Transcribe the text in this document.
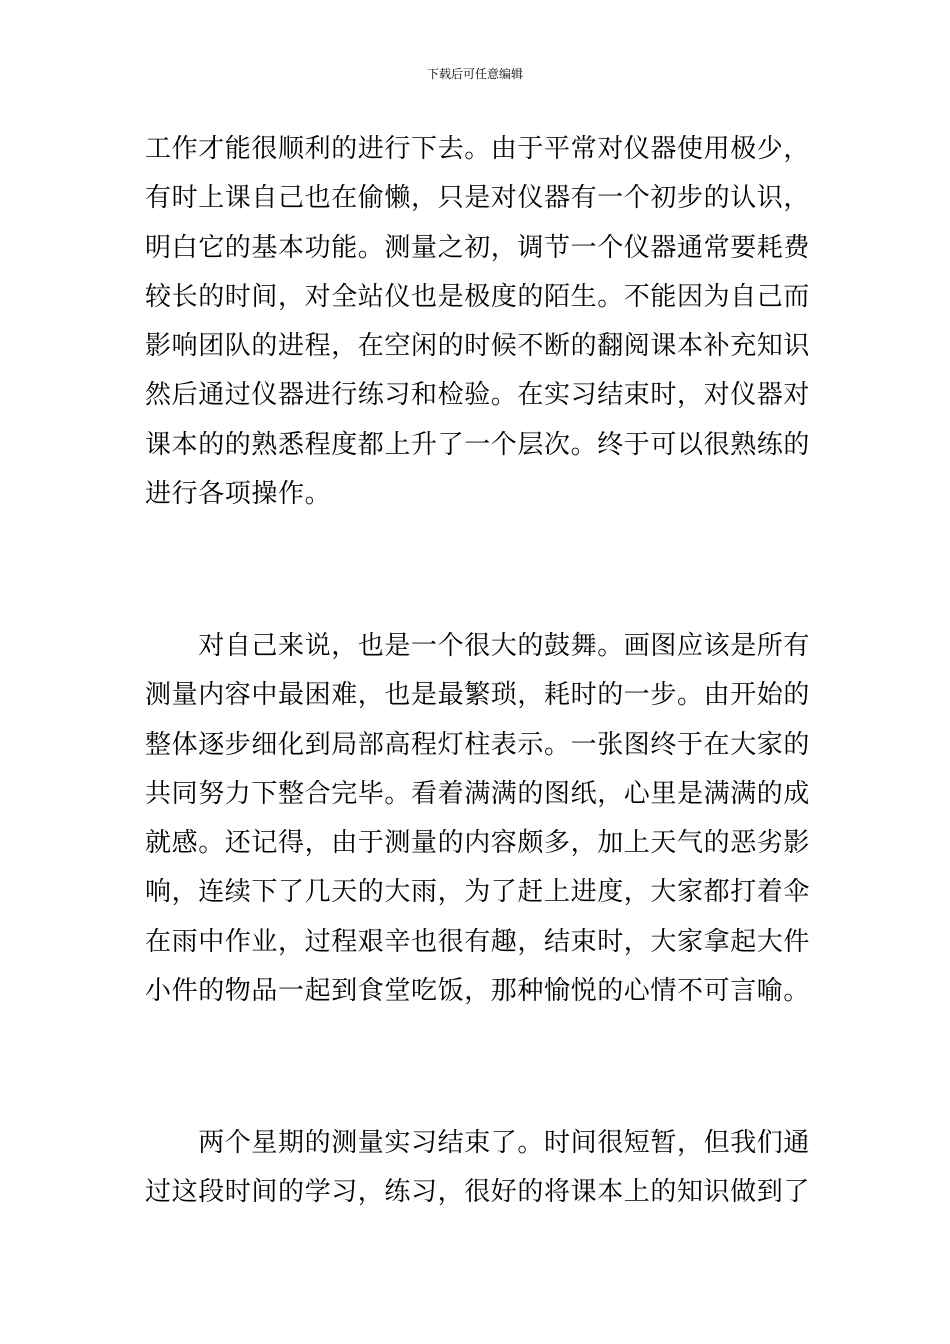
下载后可任意编辑

工作才能很顺利的进行下去。由于平常对仪器使用极少，
有时上课自己也在偷懒，只是对仪器有一个初步的认识，
明白它的基本功能。测量之初，调节一个仪器通常要耗费
较长的时间，对全站仪也是极度的陌生。不能因为自己而
影响团队的进程，在空闲的时候不断的翻阅课本补充知识
然后通过仪器进行练习和检验。在实习结束时，对仪器对
课本的的熟悉程度都上升了一个层次。终于可以很熟练的
进行各项操作。

　　对自己来说，也是一个很大的鼓舞。画图应该是所有
测量内容中最困难，也是最繁琐，耗时的一步。由开始的
整体逐步细化到局部高程灯柱表示。一张图终于在大家的
共同努力下整合完毕。看着满满的图纸，心里是满满的成
就感。还记得，由于测量的内容颇多，加上天气的恶劣影
响，连续下了几天的大雨，为了赶上进度，大家都打着伞
在雨中作业，过程艰辛也很有趣，结束时，大家拿起大件
小件的物品一起到食堂吃饭，那种愉悦的心情不可言喻。

　　两个星期的测量实习结束了。时间很短暂，但我们通
过这段时间的学习，练习，很好的将课本上的知识做到了
